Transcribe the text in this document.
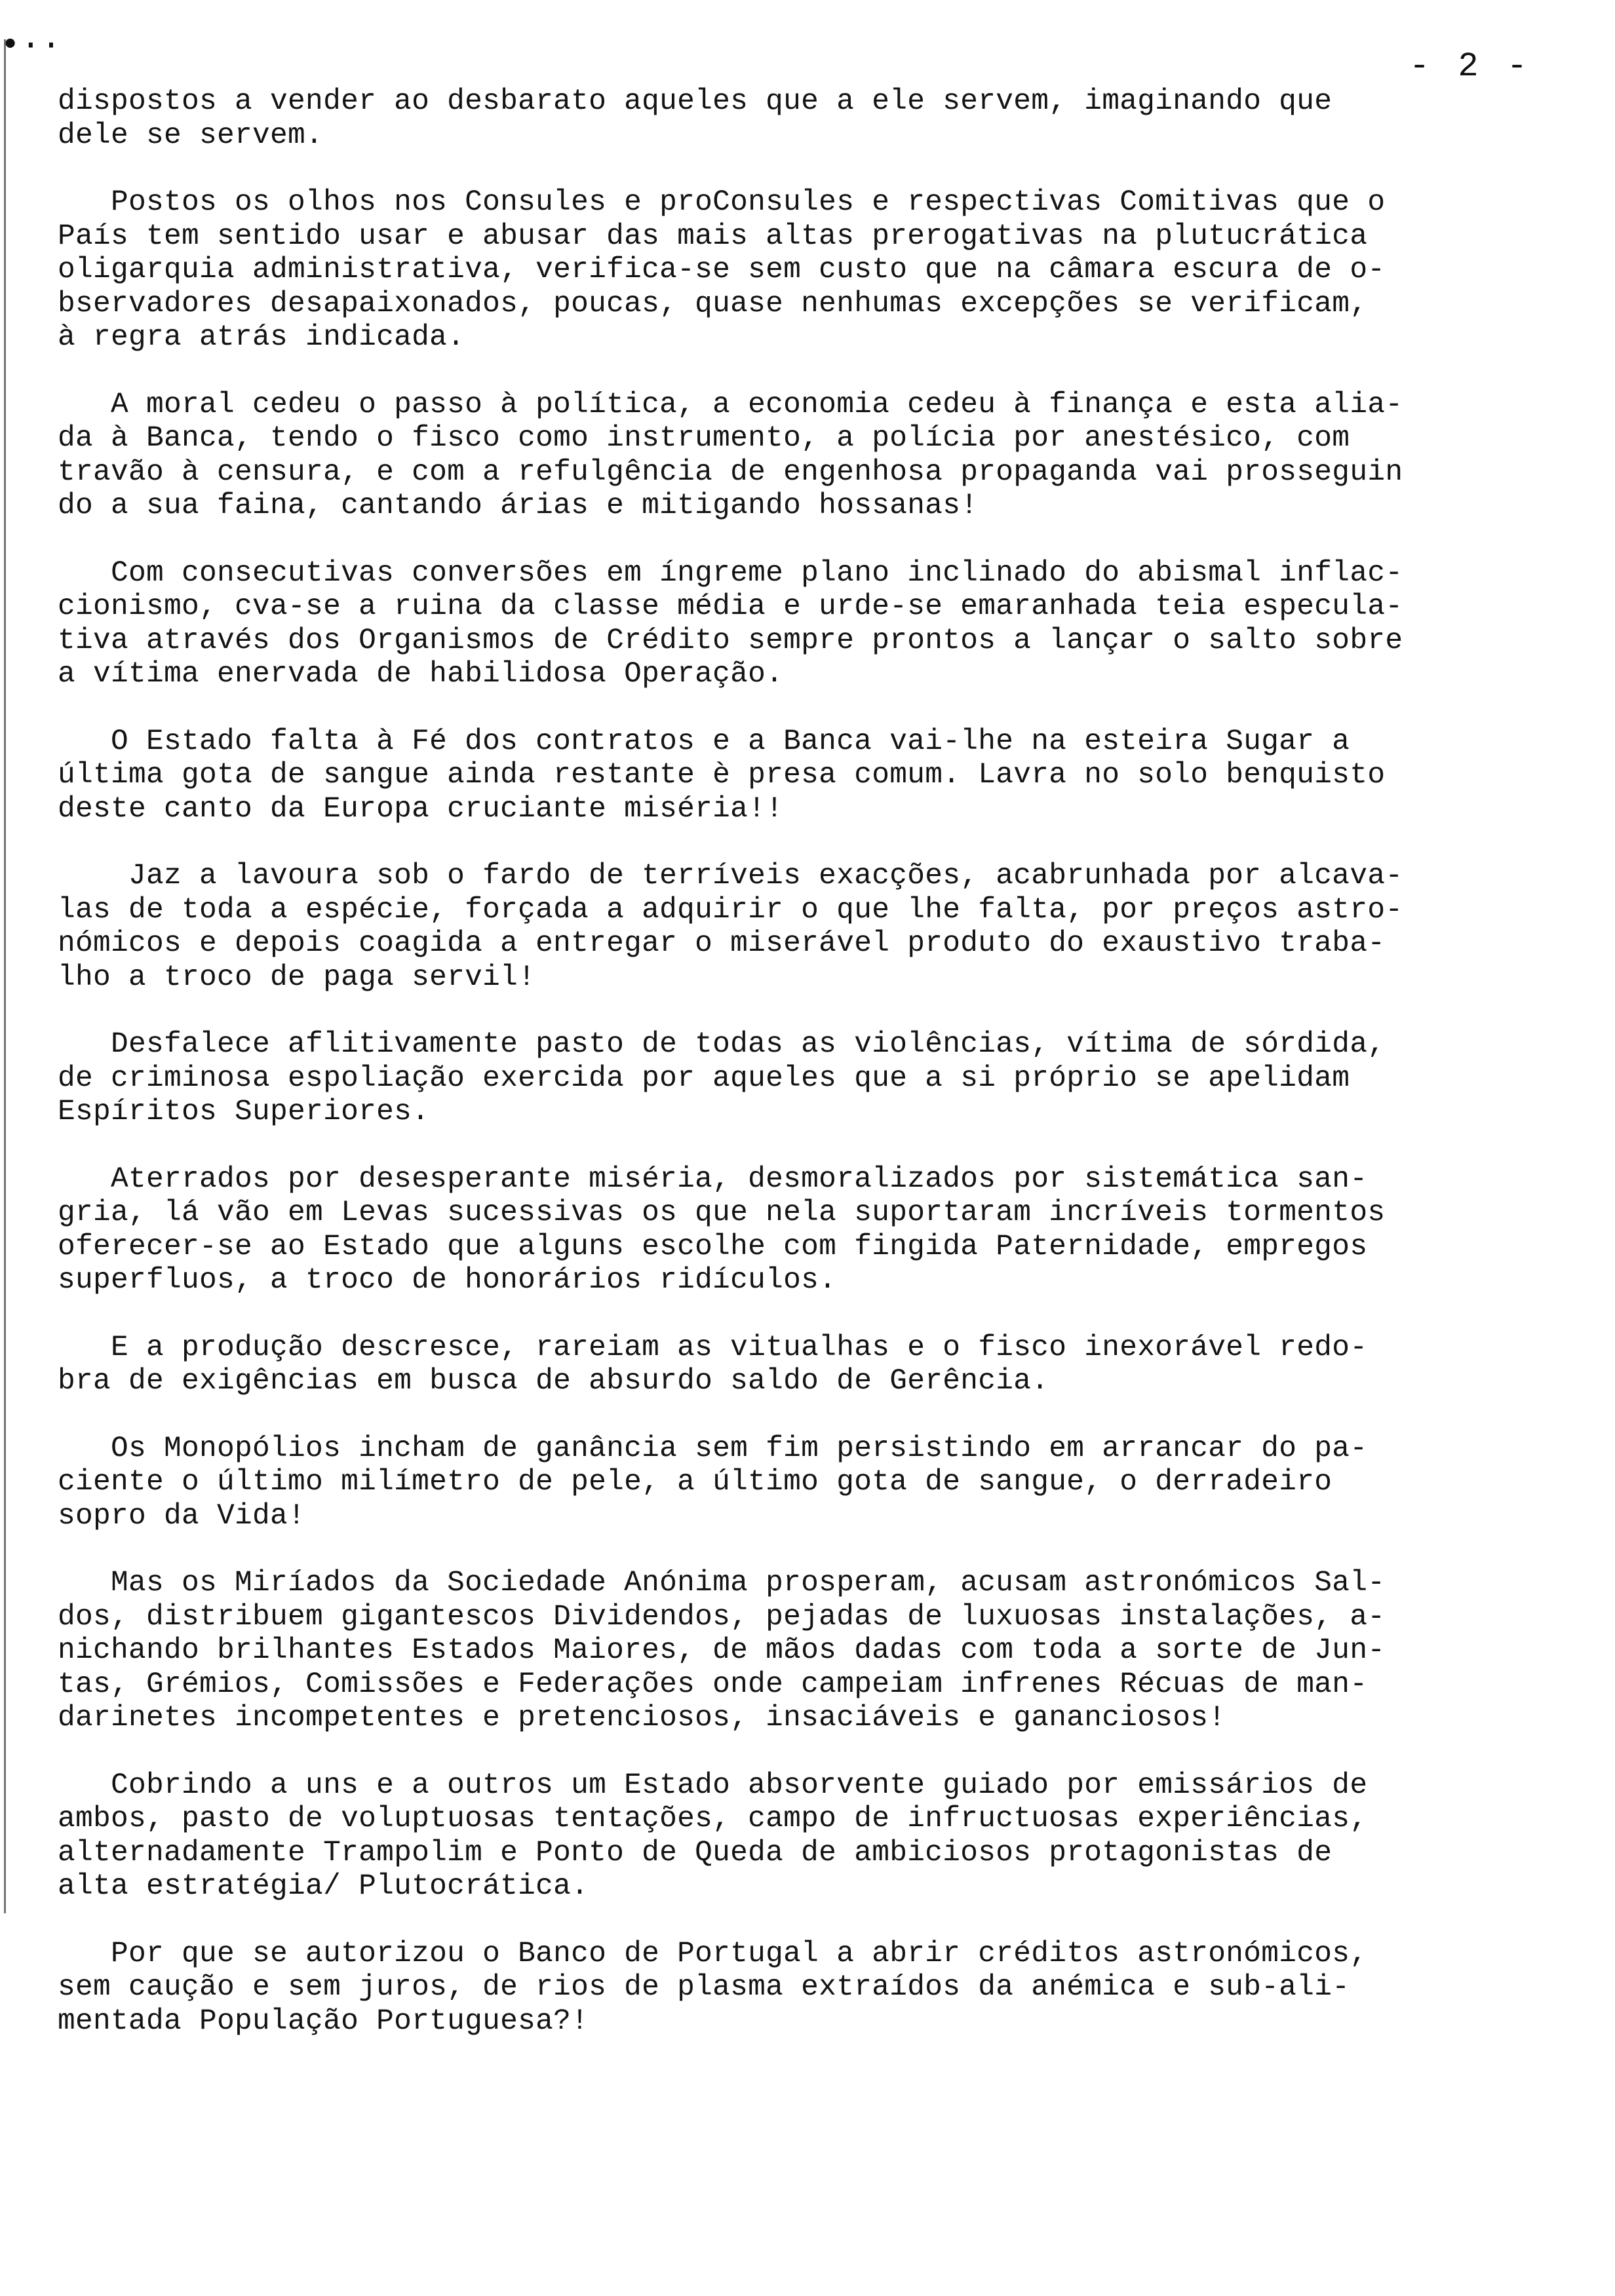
•··
- 2 -
dispostos a vender ao desbarato aqueles que a ele servem, imaginando que
dele se servem.
Postos os olhos nos Consules e proConsules e respectivas Comitivas que o
País tem sentido usar e abusar das mais altas prerogativas na plutucrática
oligarquia administrativa, verifica-se sem custo que na câmara escura de o-
bservadores desapaixonados, poucas, quase nenhumas excepções se verificam,
à regra atrás indicada.
A moral cedeu o passo à política, a economia cedeu à finança e esta alia-
da à Banca, tendo o fisco como instrumento, a polícia por anestésico, com
travão à censura, e com a refulgência de engenhosa propaganda vai prosseguin
do a sua faina, cantando árias e mitigando hossanas!
Com consecutivas conversões em íngreme plano inclinado do abismal inflac-
cionismo, cva-se a ruina da classe média e urde-se emaranhada teia especula-
tiva através dos Organismos de Crédito sempre prontos a lançar o salto sobre
a vítima enervada de habilidosa Operação.
O Estado falta à Fé dos contratos e a Banca vai-lhe na esteira Sugar a
última gota de sangue ainda restante è presa comum. Lavra no solo benquisto
deste canto da Europa cruciante miséria!!
Jaz a lavoura sob o fardo de terríveis exacções, acabrunhada por alcava-
las de toda a espécie, forçada a adquirir o que lhe falta, por preços astro-
nómicos e depois coagida a entregar o miserável produto do exaustivo traba-
lho a troco de paga servil!
Desfalece aflitivamente pasto de todas as violências, vítima de sórdida,
de criminosa espoliação exercida por aqueles que a si próprio se apelidam
Espíritos Superiores.
Aterrados por desesperante miséria, desmoralizados por sistemática san-
gria, lá vão em Levas sucessivas os que nela suportaram incríveis tormentos
oferecer-se ao Estado que alguns escolhe com fingida Paternidade, empregos
superfluos, a troco de honorários ridículos.
E a produção descresce, rareiam as vitualhas e o fisco inexorável redo-
bra de exigências em busca de absurdo saldo de Gerência.
Os Monopólios incham de ganância sem fim persistindo em arrancar do pa-
ciente o último milímetro de pele, a último gota de sangue, o derradeiro
sopro da Vida!
Mas os Miríados da Sociedade Anónima prosperam, acusam astronómicos Sal-
dos, distribuem gigantescos Dividendos, pejadas de luxuosas instalações, a-
nichando brilhantes Estados Maiores, de mãos dadas com toda a sorte de Jun-
tas, Grémios, Comissões e Federações onde campeiam infrenes Récuas de man-
darinetes incompetentes e pretenciosos, insaciáveis e gananciosos!
Cobrindo a uns e a outros um Estado absorvente guiado por emissários de
ambos, pasto de voluptuosas tentações, campo de infructuosas experiências,
alternadamente Trampolim e Ponto de Queda de ambiciosos protagonistas de
alta estratégia/ Plutocrática.
Por que se autorizou o Banco de Portugal a abrir créditos astronómicos,
sem caução e sem juros, de rios de plasma extraídos da anémica e sub-ali-
mentada População Portuguesa?!
